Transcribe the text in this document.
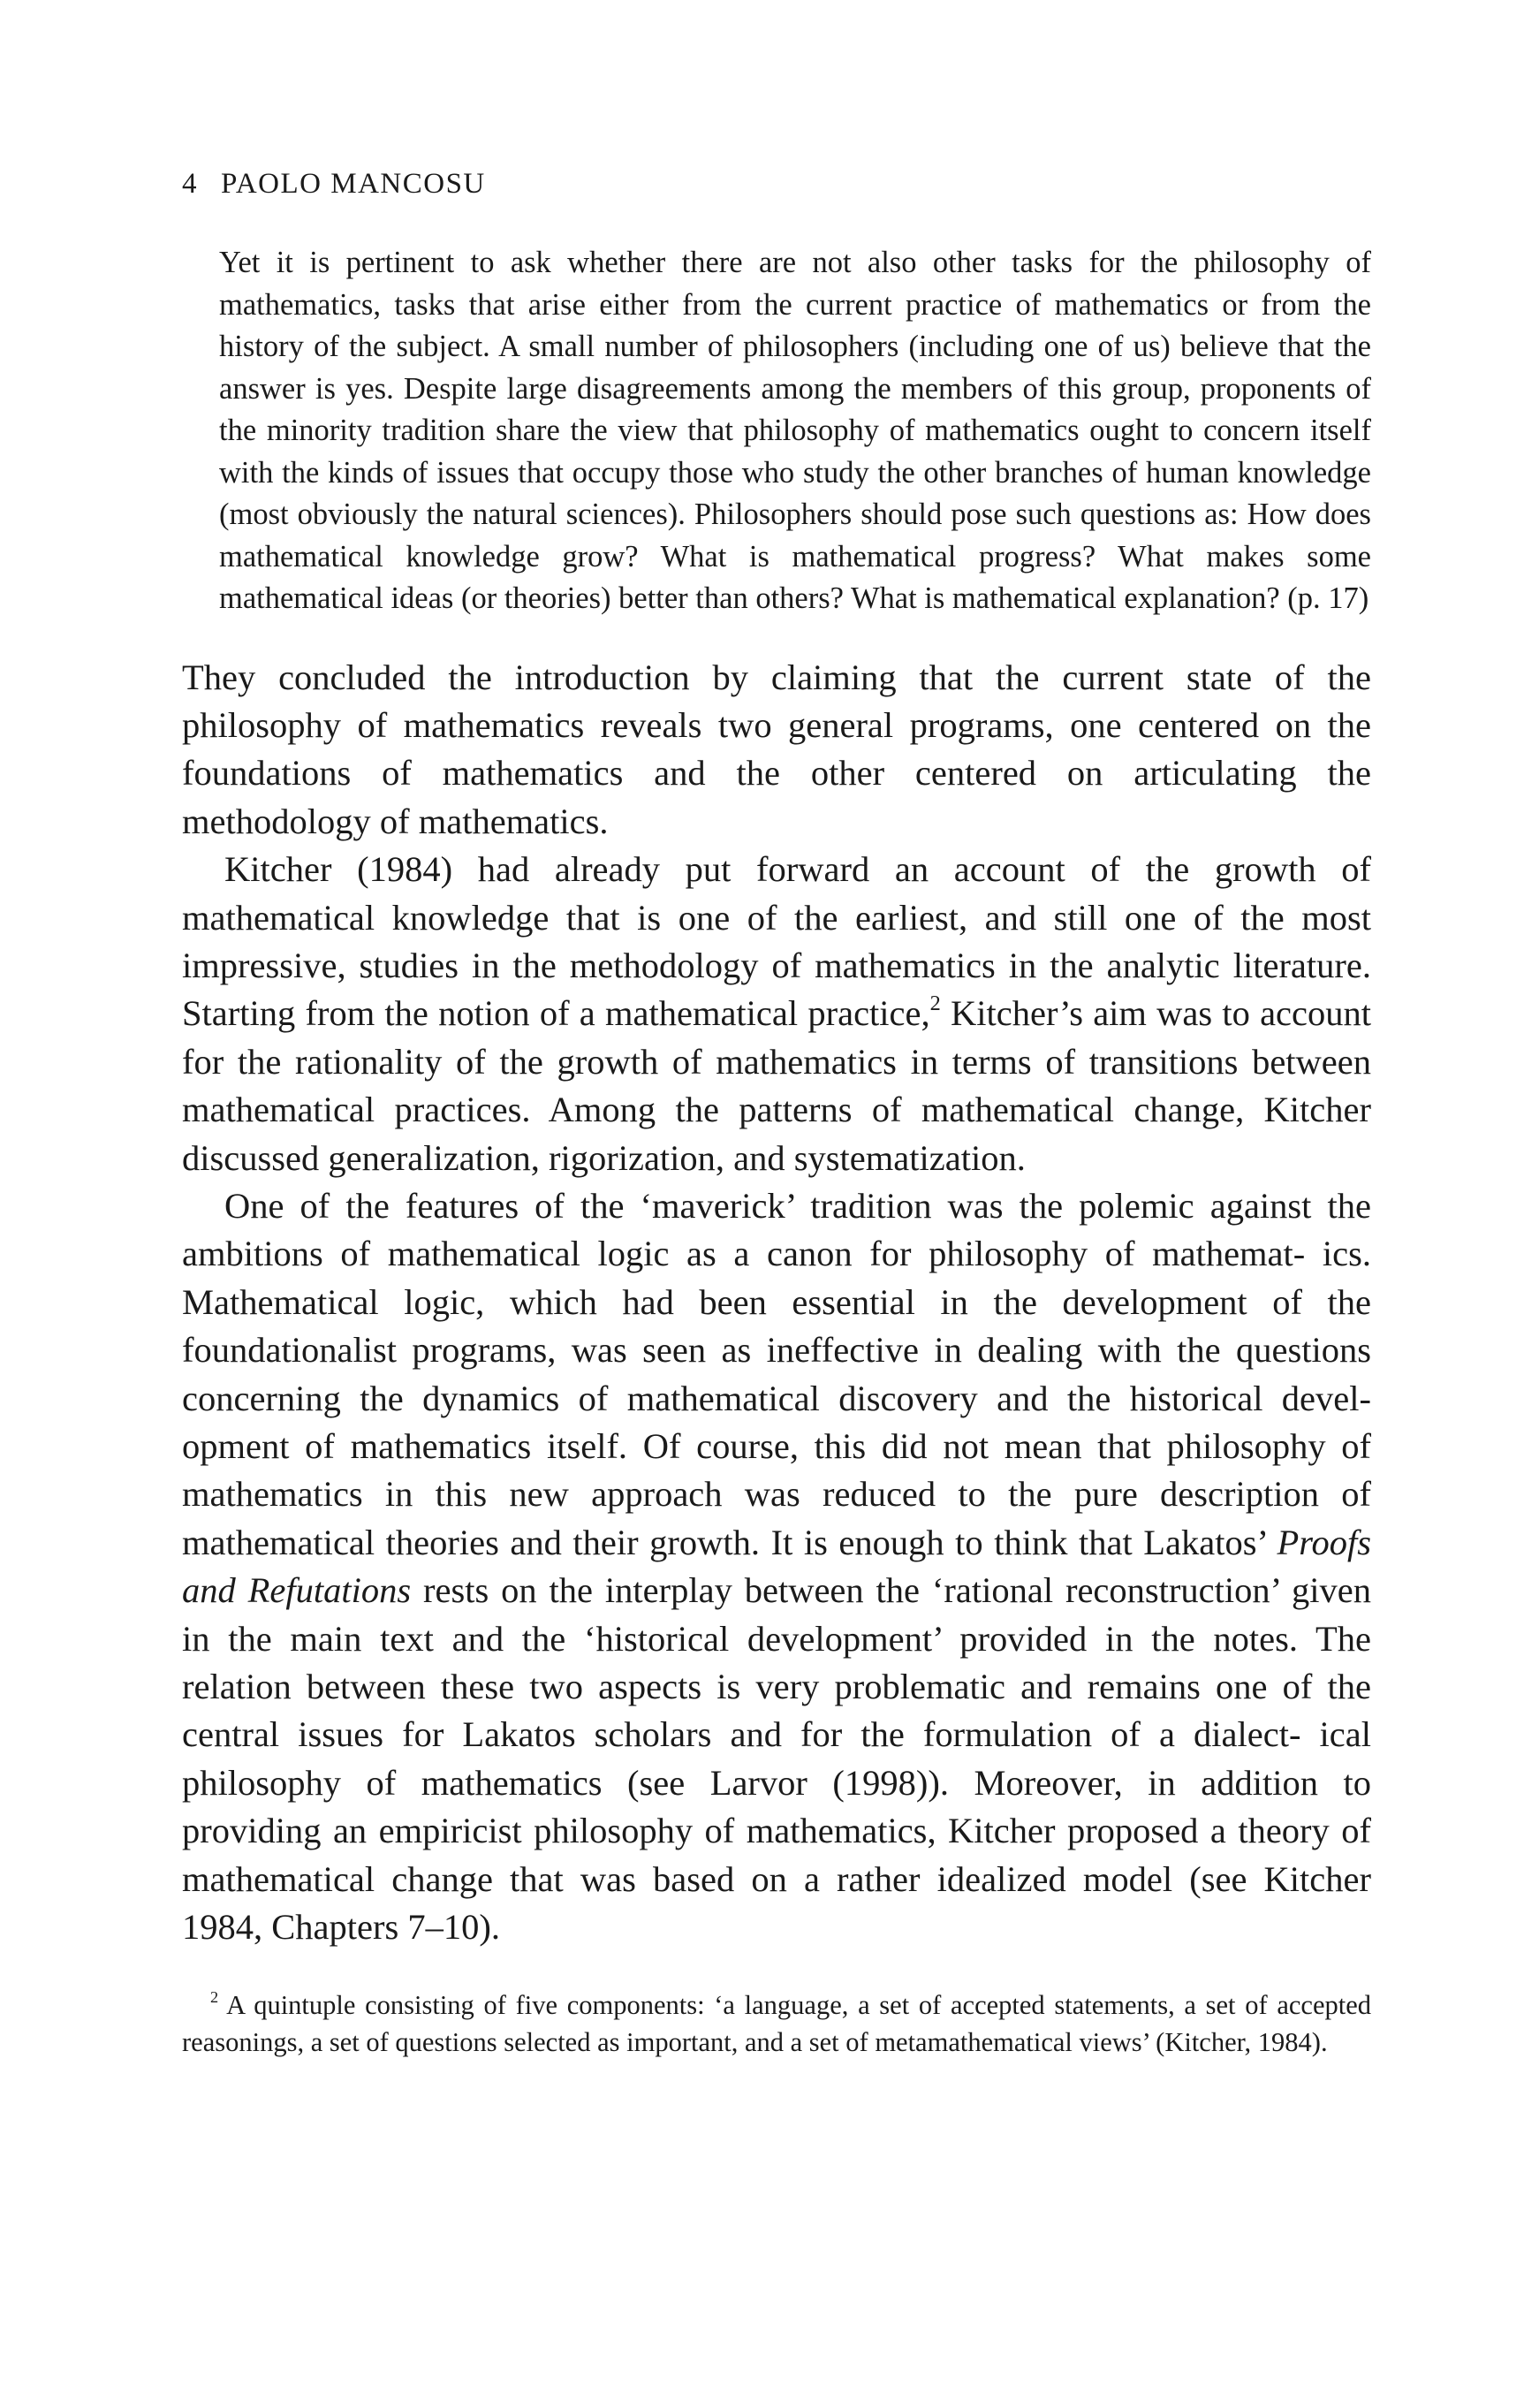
4 PAOLO MANCOSU

Yet it is pertinent to ask whether there are not also other tasks for the philosophy of mathematics, tasks that arise either from the current practice of mathematics or from the history of the subject. A small number of philosophers (including one of us) believe that the answer is yes. Despite large disagreements among the members of this group, proponents of the minority tradition share the view that philosophy of mathematics ought to concern itself with the kinds of issues that occupy those who study the other branches of human knowledge (most obviously the natural sciences). Philosophers should pose such questions as: How does mathematical knowledge grow? What is mathematical progress? What makes some mathematical ideas (or theories) better than others? What is mathematical explanation? (p. 17)

They concluded the introduction by claiming that the current state of the philosophy of mathematics reveals two general programs, one centered on the foundations of mathematics and the other centered on articulating the methodology of mathematics.

Kitcher (1984) had already put forward an account of the growth of mathematical knowledge that is one of the earliest, and still one of the most impressive, studies in the methodology of mathematics in the analytic literature. Starting from the notion of a mathematical practice,$^2$ Kitcher’s aim was to account for the rationality of the growth of mathematics in terms of transitions between mathematical practices. Among the patterns of mathematical change, Kitcher discussed generalization, rigorization, and systematization.

One of the features of the ‘maverick’ tradition was the polemic against the ambitions of mathematical logic as a canon for philosophy of mathemat- ics. Mathematical logic, which had been essential in the development of the foundationalist programs, was seen as ineffective in dealing with the questions concerning the dynamics of mathematical discovery and the historical devel- opment of mathematics itself. Of course, this did not mean that philosophy of mathematics in this new approach was reduced to the pure description of mathematical theories and their growth. It is enough to think that Lakatos’ Proofs and Refutations rests on the interplay between the ‘rational reconstruction’ given in the main text and the ‘historical development’ provided in the notes. The relation between these two aspects is very problematic and remains one of the central issues for Lakatos scholars and for the formulation of a dialect- ical philosophy of mathematics (see Larvor (1998)). Moreover, in addition to providing an empiricist philosophy of mathematics, Kitcher proposed a theory of mathematical change that was based on a rather idealized model (see Kitcher 1984, Chapters 7–10).

$^2$ A quintuple consisting of five components: ‘a language, a set of accepted statements, a set of accepted reasonings, a set of questions selected as important, and a set of metamathematical views’ (Kitcher, 1984).
